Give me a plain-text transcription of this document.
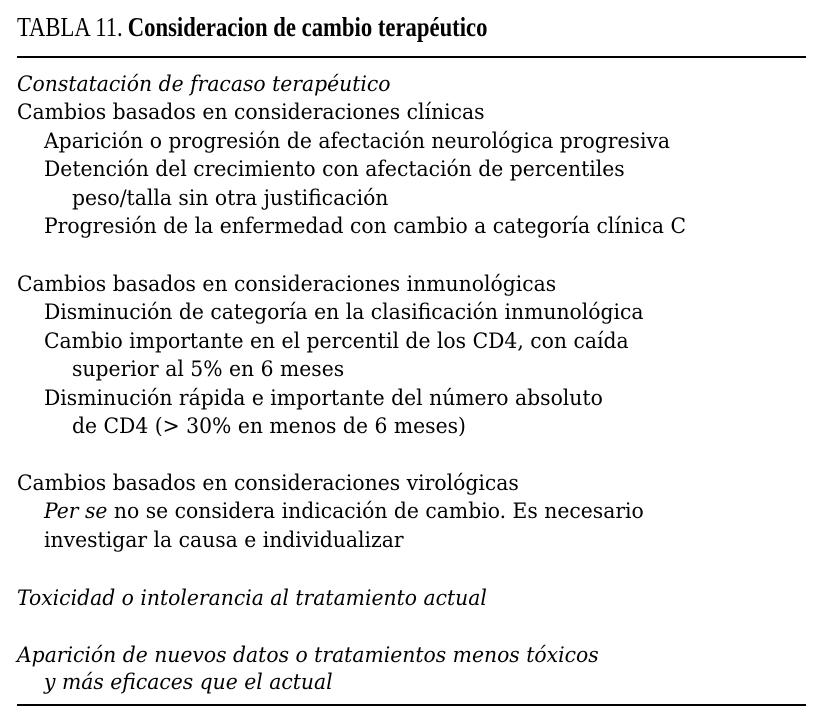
TABLA 11. Consideracion de cambio terapéutico
Constatación de fracaso terapéutico
Cambios basados en consideraciones clínicas
Aparición o progresión de afectación neurológica progresiva
Detención del crecimiento con afectación de percentiles
peso/talla sin otra justificación
Progresión de la enfermedad con cambio a categoría clínica C
Cambios basados en consideraciones inmunológicas
Disminución de categoría en la clasificación inmunológica
Cambio importante en el percentil de los CD4, con caída
superior al 5% en 6 meses
Disminución rápida e importante del número absoluto
de CD4 (> 30% en menos de 6 meses)
Cambios basados en consideraciones virológicas
Per se no se considera indicación de cambio. Es necesario
investigar la causa e individualizar
Toxicidad o intolerancia al tratamiento actual
Aparición de nuevos datos o tratamientos menos tóxicos
y más eficaces que el actual
